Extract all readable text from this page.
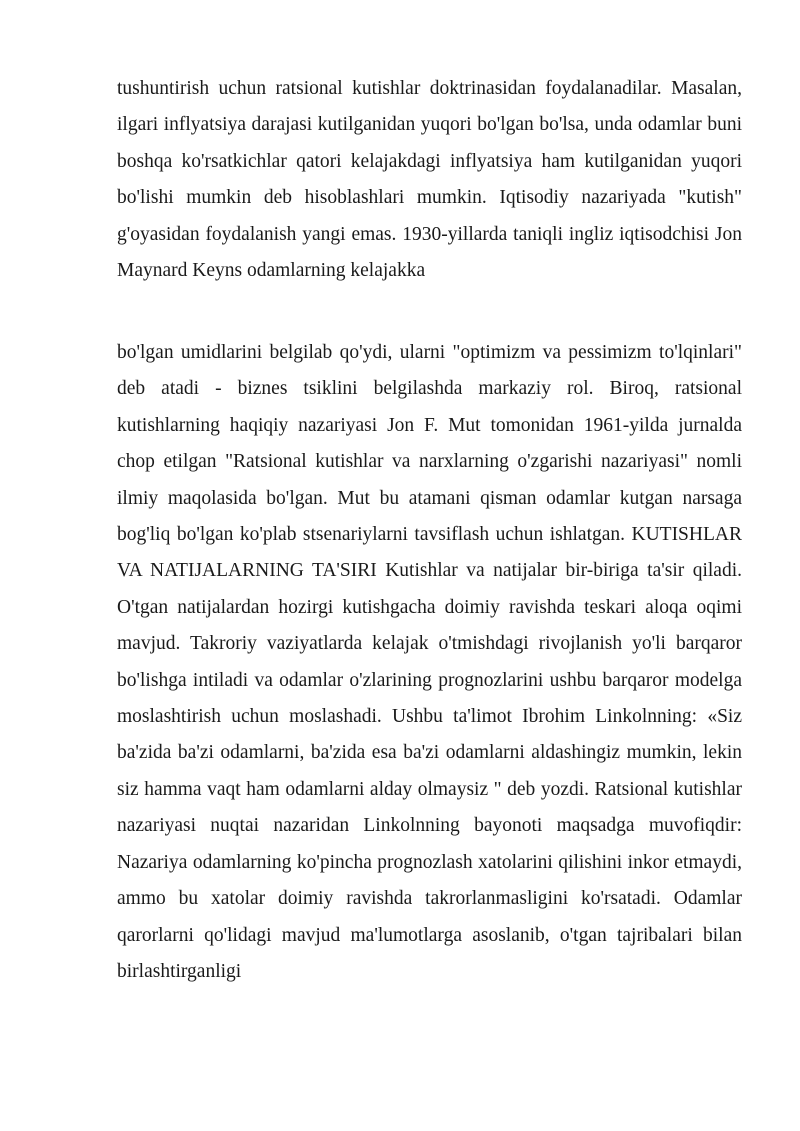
tushuntirish uchun ratsional kutishlar doktrinasidan foydalanadilar. Masalan, ilgari inflyatsiya darajasi kutilganidan yuqori bo'lgan bo'lsa, unda odamlar buni boshqa ko'rsatkichlar qatori kelajakdagi inflyatsiya ham kutilganidan yuqori bo'lishi mumkin deb hisoblashlari mumkin. Iqtisodiy nazariyada "kutish" g'oyasidan foydalanish yangi emas. 1930-yillarda taniqli ingliz iqtisodchisi Jon Maynard Keyns odamlarning kelajakka

bo'lgan umidlarini belgilab qo'ydi, ularni "optimizm va pessimizm to'lqinlari" deb atadi - biznes tsiklini belgilashda markaziy rol. Biroq, ratsional kutishlarning haqiqiy nazariyasi Jon F. Mut tomonidan 1961-yilda jurnalda chop etilgan "Ratsional kutishlar va narxlarning o'zgarishi nazariyasi" nomli ilmiy maqolasida bo'lgan. Mut bu atamani qisman odamlar kutgan narsaga bog'liq bo'lgan ko'plab stsenariylarni tavsiflash uchun ishlatgan. KUTISHLAR VA NATIJALARNING TA'SIRI Kutishlar va natijalar bir-biriga ta'sir qiladi. O'tgan natijalardan hozirgi kutishgacha doimiy ravishda teskari aloqa oqimi mavjud. Takroriy vaziyatlarda kelajak o'tmishdagi rivojlanish yo'li barqaror bo'lishga intiladi va odamlar o'zlarining prognozlarini ushbu barqaror modelga moslashtirish uchun moslashadi. Ushbu ta'limot Ibrohim Linkolnning: «Siz ba'zida ba'zi odamlarni, ba'zida esa ba'zi odamlarni aldashingiz mumkin, lekin siz hamma vaqt ham odamlarni alday olmaysiz " deb yozdi. Ratsional kutishlar nazariyasi nuqtai nazaridan Linkolnning bayonoti maqsadga muvofiqdir: Nazariya odamlarning ko'pincha prognozlash xatolarini qilishini inkor etmaydi, ammo bu xatolar doimiy ravishda takrorlanmasligini ko'rsatadi. Odamlar qarorlarni qo'lidagi mavjud ma'lumotlarga asoslanib, o'tgan tajribalari bilan birlashtirganligi
